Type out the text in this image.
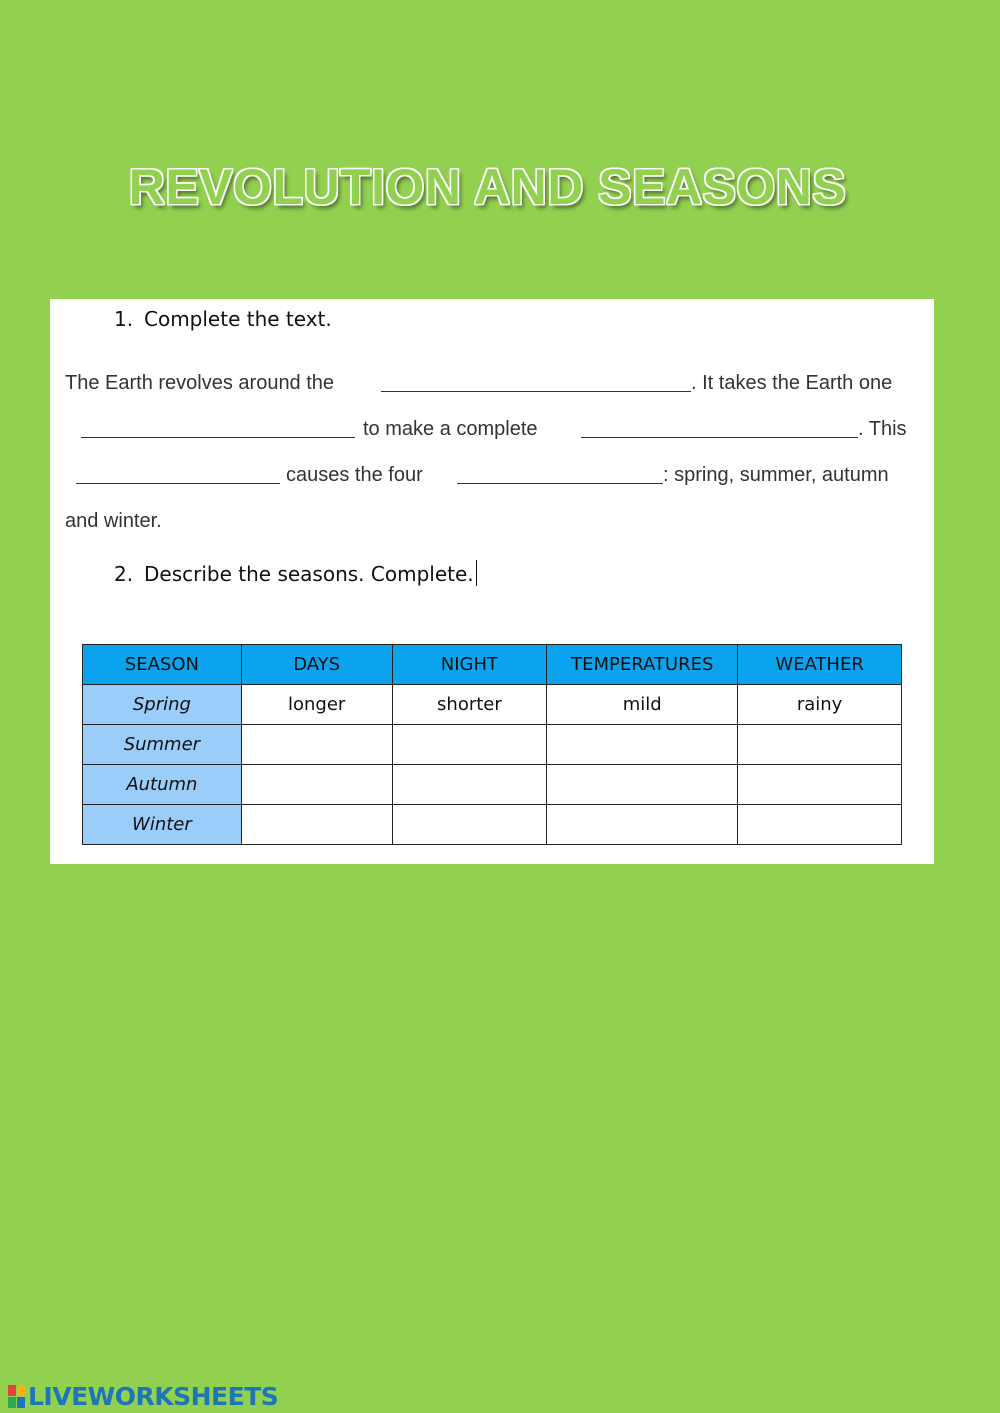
REVOLUTION AND SEASONS
1. Complete the text.
The Earth revolves around the	. It takes the Earth one
to make a complete	. This
causes the four	: spring, summer, autumn
and winter.
2. Describe the seasons. Complete.
SEASON	DAYS	NIGHT	TEMPERATURES	WEATHER
Spring	longer	shorter	mild	rainy
Summer				
Autumn				
Winter				
LIVEWORKSHEETS
